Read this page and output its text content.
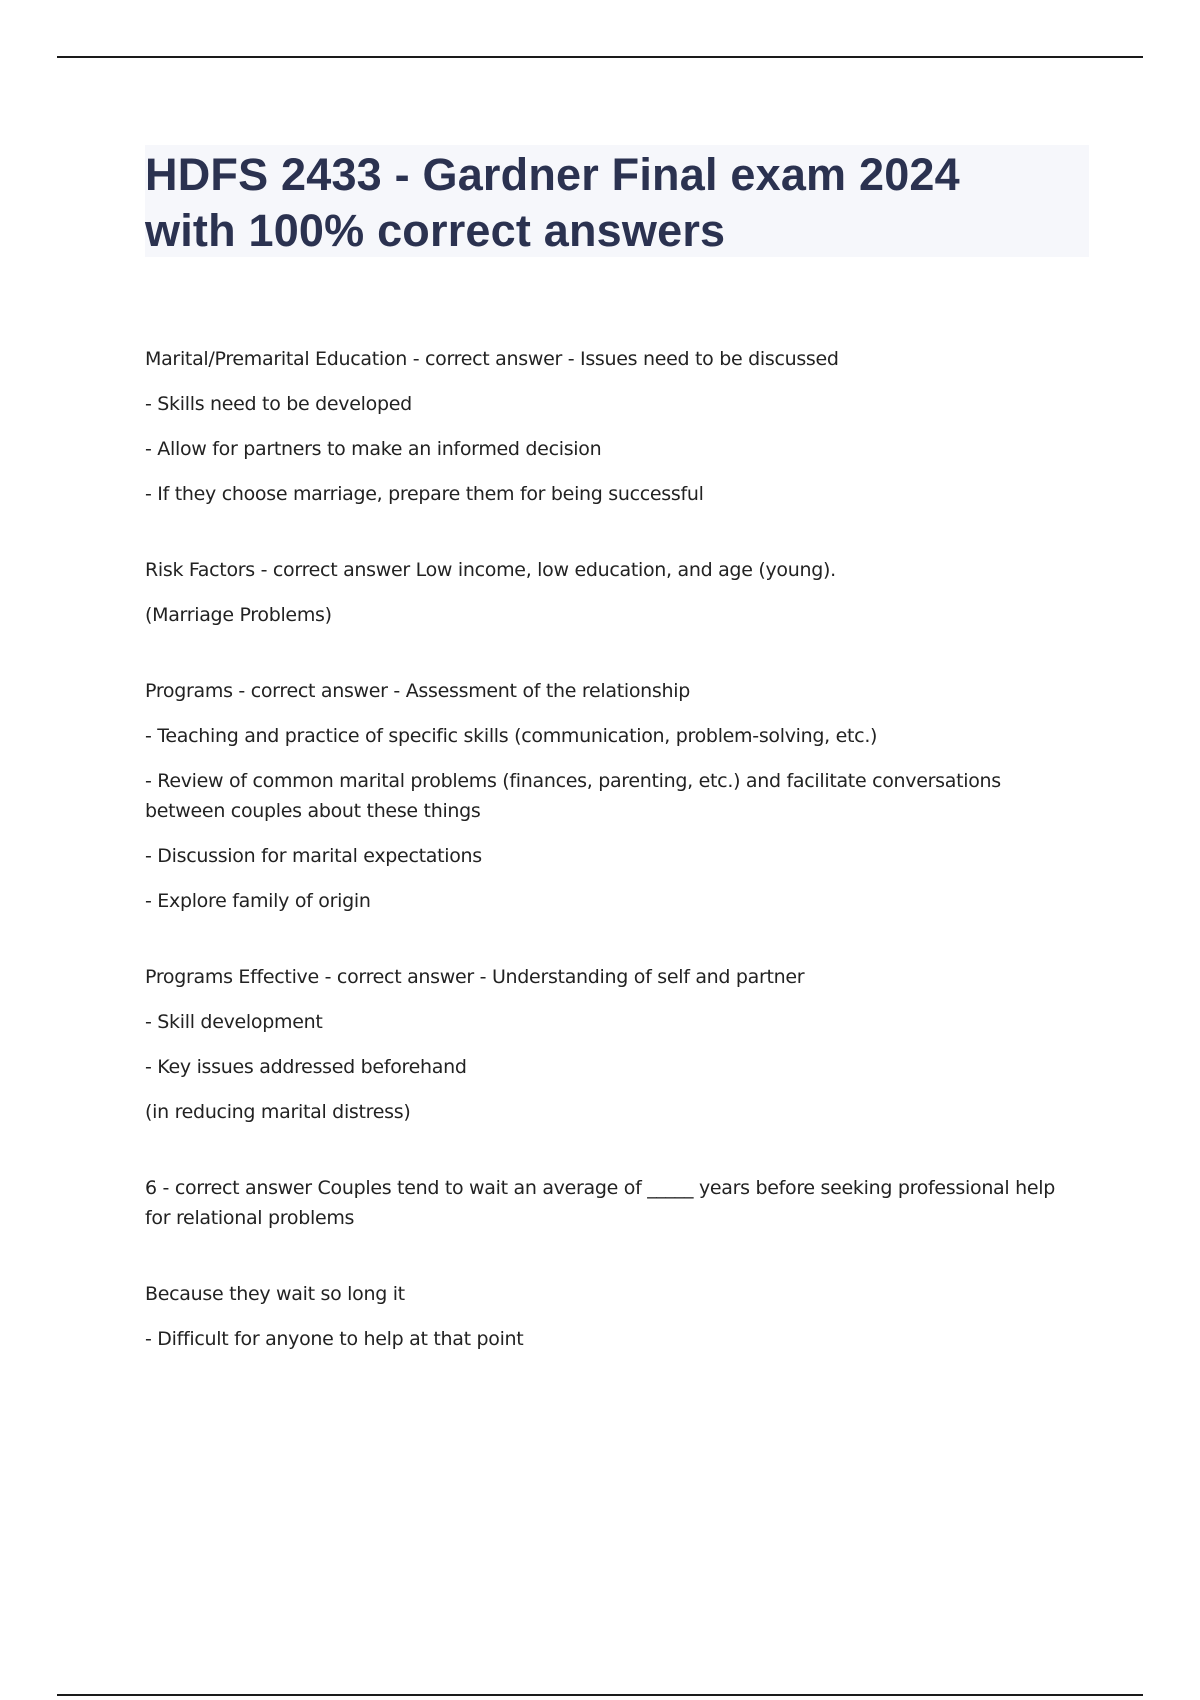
HDFS 2433 - Gardner Final exam 2024
with 100% correct answers

Marital/Premarital Education - correct answer - Issues need to be discussed

- Skills need to be developed

- Allow for partners to make an informed decision

- If they choose marriage, prepare them for being successful

Risk Factors - correct answer Low income, low education, and age (young).

(Marriage Problems)

Programs - correct answer - Assessment of the relationship

- Teaching and practice of specific skills (communication, problem-solving, etc.)

- Review of common marital problems (finances, parenting, etc.) and facilitate conversations between couples about these things

- Discussion for marital expectations

- Explore family of origin

Programs Effective - correct answer - Understanding of self and partner

- Skill development

- Key issues addressed beforehand

(in reducing marital distress)

6 - correct answer Couples tend to wait an average of _____ years before seeking professional help for relational problems

Because they wait so long it

- Difficult for anyone to help at that point
